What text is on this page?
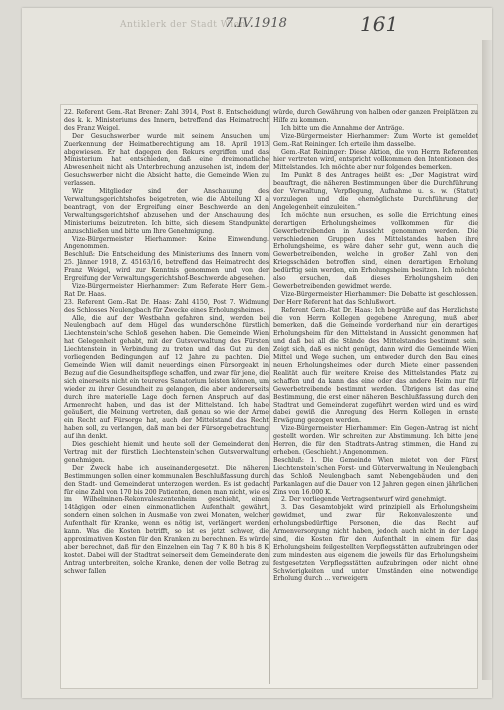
Antiklerk der Stadt Wien
7.IV.1918	161

22. Referent Gem.-Rat Brener: Zahl 3914, Post 8. Entscheidung des k. k. Ministeriums des Innern, betreffend das Heimatrecht des Franz Weigel.

Der Gesuchswerber wurde mit seinem Ansuchen um Zuerkennung der Heimatberechtigung am 18. April 1913 abgewiesen. Er hat dagegen den Rekurs ergriffen und das Ministerium hat entschieden, daß eine dreimonatliche Abwesenheit nicht als Unterbrechung anzusehen ist, indem der Gesuchswerber nicht die Absicht hatte, die Gemeinde Wien zu verlassen.

Wir Mitglieder sind der Anschauung des Verwaltungsgerichtshofes beigetreten, wie die Abteilung XI a beantragt, von der Ergreifung einer Beschwerde an den Verwaltungsgerichtshof abzusehen und der Anschauung des Ministeriums beizutreten. Ich bitte, sich diesem Standpunkte anzuschließen und bitte um Ihre Genehmigung.

Vize-Bürgermeister Hierhammer: Keine Einwendung. Angenommen.

Beschluß: Die Entscheidung des Ministeriums des Innern vom 25. Jänner 1918, Z. 45163/16, betreffend das Heimatrecht des Franz Weigel, wird zur Kenntnis genommen und von der Ergreifung der Verwaltungsgerichtshof-Beschwerde abgesehen.

Vize-Bürgermeister Hierhammer: Zum Referate Herr Gem.-Rat Dr. Haas.

23. Referent Gem.-Rat Dr. Haas: Zahl 4150, Post 7. Widmung des Schlosses Neulengbach für Zwecke eines Erholungsheimes.

Alle, die auf der Westbahn gefahren sind, werden bei Neulengbach auf dem Hügel das wunderschöne fürstlich Liechtenstein'sche Schloß gesehen haben. Die Gemeinde Wien hat Gelegenheit gehabt, mit der Gutsverwaltung des Fürsten Liechtenstein in Verbindung zu treten und das Gut zu den vorliegenden Bedingungen auf 12 Jahre zu pachten. Die Gemeinde Wien will damit neuerdings einen Fürsorgeakt in Bezug auf die Gesundheitspflege schaffen, und zwar für jene, die sich einerseits nicht ein teureres Sanatorium leisten können, um wieder zu ihrer Gesundheit zu gelangen, die aber andererseits durch ihre materielle Lage doch fernen Anspruch auf das Armenrecht haben, und das ist der Mittelstand. Ich habe geäußert, die Meinung vertreten, daß genau so wie der Arme ein Recht auf Fürsorge hat, auch der Mittelstand das Recht haben soll, zu verlangen, daß man bei der Fürsorgebetrachtung auf ihn denkt.

Dies geschieht hiemit und heute soll der Gemeinderat den Vertrag mit der fürstlich Liechtenstein'schen Gutsverwaltung genehmigen.

Der Zweck habe ich auseinandergesetzt. Die näheren Bestimmungen sollen einer kommunalen Beschlußfassung durch den Stadt- und Gemeinderat unterzogen werden. Es ist gedacht für eine Zahl von 170 bis 200 Patienten, denen man nicht, wie es im Wilhelminen-Rekonvaleszentenheim geschieht, einen 14tägigen oder einen einmonatlichen Aufenthalt gewährt, sondern einen solchen in Ausmaße von zwei Monaten, welcher Aufenthalt für Kranke, wenn es nötig ist, verlängert werden kann. Was die Kosten betrifft, so ist es jetzt schwer, die approximativen Kosten für den Kranken zu berechnen. Es würde aber berechnet, daß für den Einzelnen ein Tag 7 K 80 h bis 8 K kostet. Dabei will der Stadtrat seinerseit dem Gemeinderate den Antrag unterbreiten, solche Kranke, denen der volle Betrag zu schwer fallen

würde, durch Gewährung von halben oder ganzen Freiplätzen zu Hilfe zu kommen.

Ich bitte um die Annahme der Anträge.

Vize-Bürgermeister Hierhammer: Zum Worte ist gemeldet Gem.-Rat Reininger. Ich erteile ihm dasselbe.

Gem.-Rat Reininger: Diese Aktion, die von Herrn Referenten hier vertreten wird, entspricht vollkommen den Intentionen des Mittelstandes. Ich möchte aber nur folgendes bemerken.

Im Punkt 8 des Antrages heißt es: „Der Magistrat wird beauftragt, die näheren Bestimmungen über die Durchführung der Verwaltung, Verpflegung, Aufnahme u. s. w. (Statut) vorzulegen und die ehemöglichste Durchführung der Angelegenheit einzuleiten.“

Ich möchte nun ersuchen, es solle die Errichtung eines derartigen Erholungsheimes vollkommen für die Gewerbetreibenden in Aussicht genommen werden. Die verschiedenen Gruppen des Mittelstandes haben ihre Erholungsheime, es wäre daher sehr gut, wenn auch die Gewerbetreibenden, welche in großer Zahl von den Kriegsschäden betroffen sind, einen derartigen Erholung bedürftig sein werden, ein Erholungsheim besitzen. Ich möchte also ersuchen, daß dieses Erholungsheim den Gewerbetreibenden gewidmet werde.

Vize-Bürgermeister Hierhammer: Die Debatte ist geschlossen. Der Herr Referent hat das Schlußwort.

Referent Gem.-Rat Dr. Haas: Ich begrüße auf das Herzlichste die von Herrn Kollegen gegebene Anregung, muß aber bemerken, daß die Gemeinde vorderhand nur ein derartiges Erholungsheim für den Mittelstand in Aussicht genommen hat und daß bei all die Stände des Mittelstandes bestimmt sein. Zeigt sich, daß es nicht genügt, dann wird die Gemeinde Wien Mittel und Wege suchen, um entweder durch den Bau eines neuen Erholungsheimes oder durch Miete einer passenden Realität auch für weitere Kreise des Mittelstandes Platz zu schaffen und da kann das eine oder das andere Heim nur für Gewerbetreibende bestimmt werden. Übrigens ist das eine Bestimmung, die erst einer näheren Beschlußfassung durch den Stadtrat und Gemeinderat zugeführt werden wird und es wird dabei gewiß die Anregung des Herrn Kollegen in ernste Erwägung gezogen werden.

Vize-Bürgermeister Hierhammer: Ein Gegen-Antrag ist nicht gestellt worden. Wir schreiten zur Abstimmung. Ich bitte jene Herren, die für den Stadtrats-Antrag stimmen, die Hand zu erheben. (Geschieht.) Angenommen.

Beschluß: 1. Die Gemeinde Wien mietet von der Fürst Liechtenstein'schen Forst- und Güterverwaltung in Neulengbach das Schloß Neulengbach samt Nebengebäuden und den Parkanlagen auf die Dauer von 12 Jahren gegen einen jährlichen Zins von 16.000 K.

2. Der vorliegende Vertragsentwurf wird genehmigt.

3. Das Gesamtobjekt wird prinzipiell als Erholungsheim gewidmet, und zwar für Rekonvaleszente und erholungsbedürftige Personen, die das Recht auf Armenversorgung nicht haben, jedoch auch nicht in der Lage sind, die Kosten für den Aufenthalt in einem für das Erholungsheim feilgestellten Verpflegsstätten aufzubringen oder zum mindesten aus eigenem die jeweils für das Erholungsheim festgesetzten Verpflegsstätten aufzubringen oder nicht ohne Schwierigkeiten und unter Umständen eine notwendige Erholung durch ... verweigern
